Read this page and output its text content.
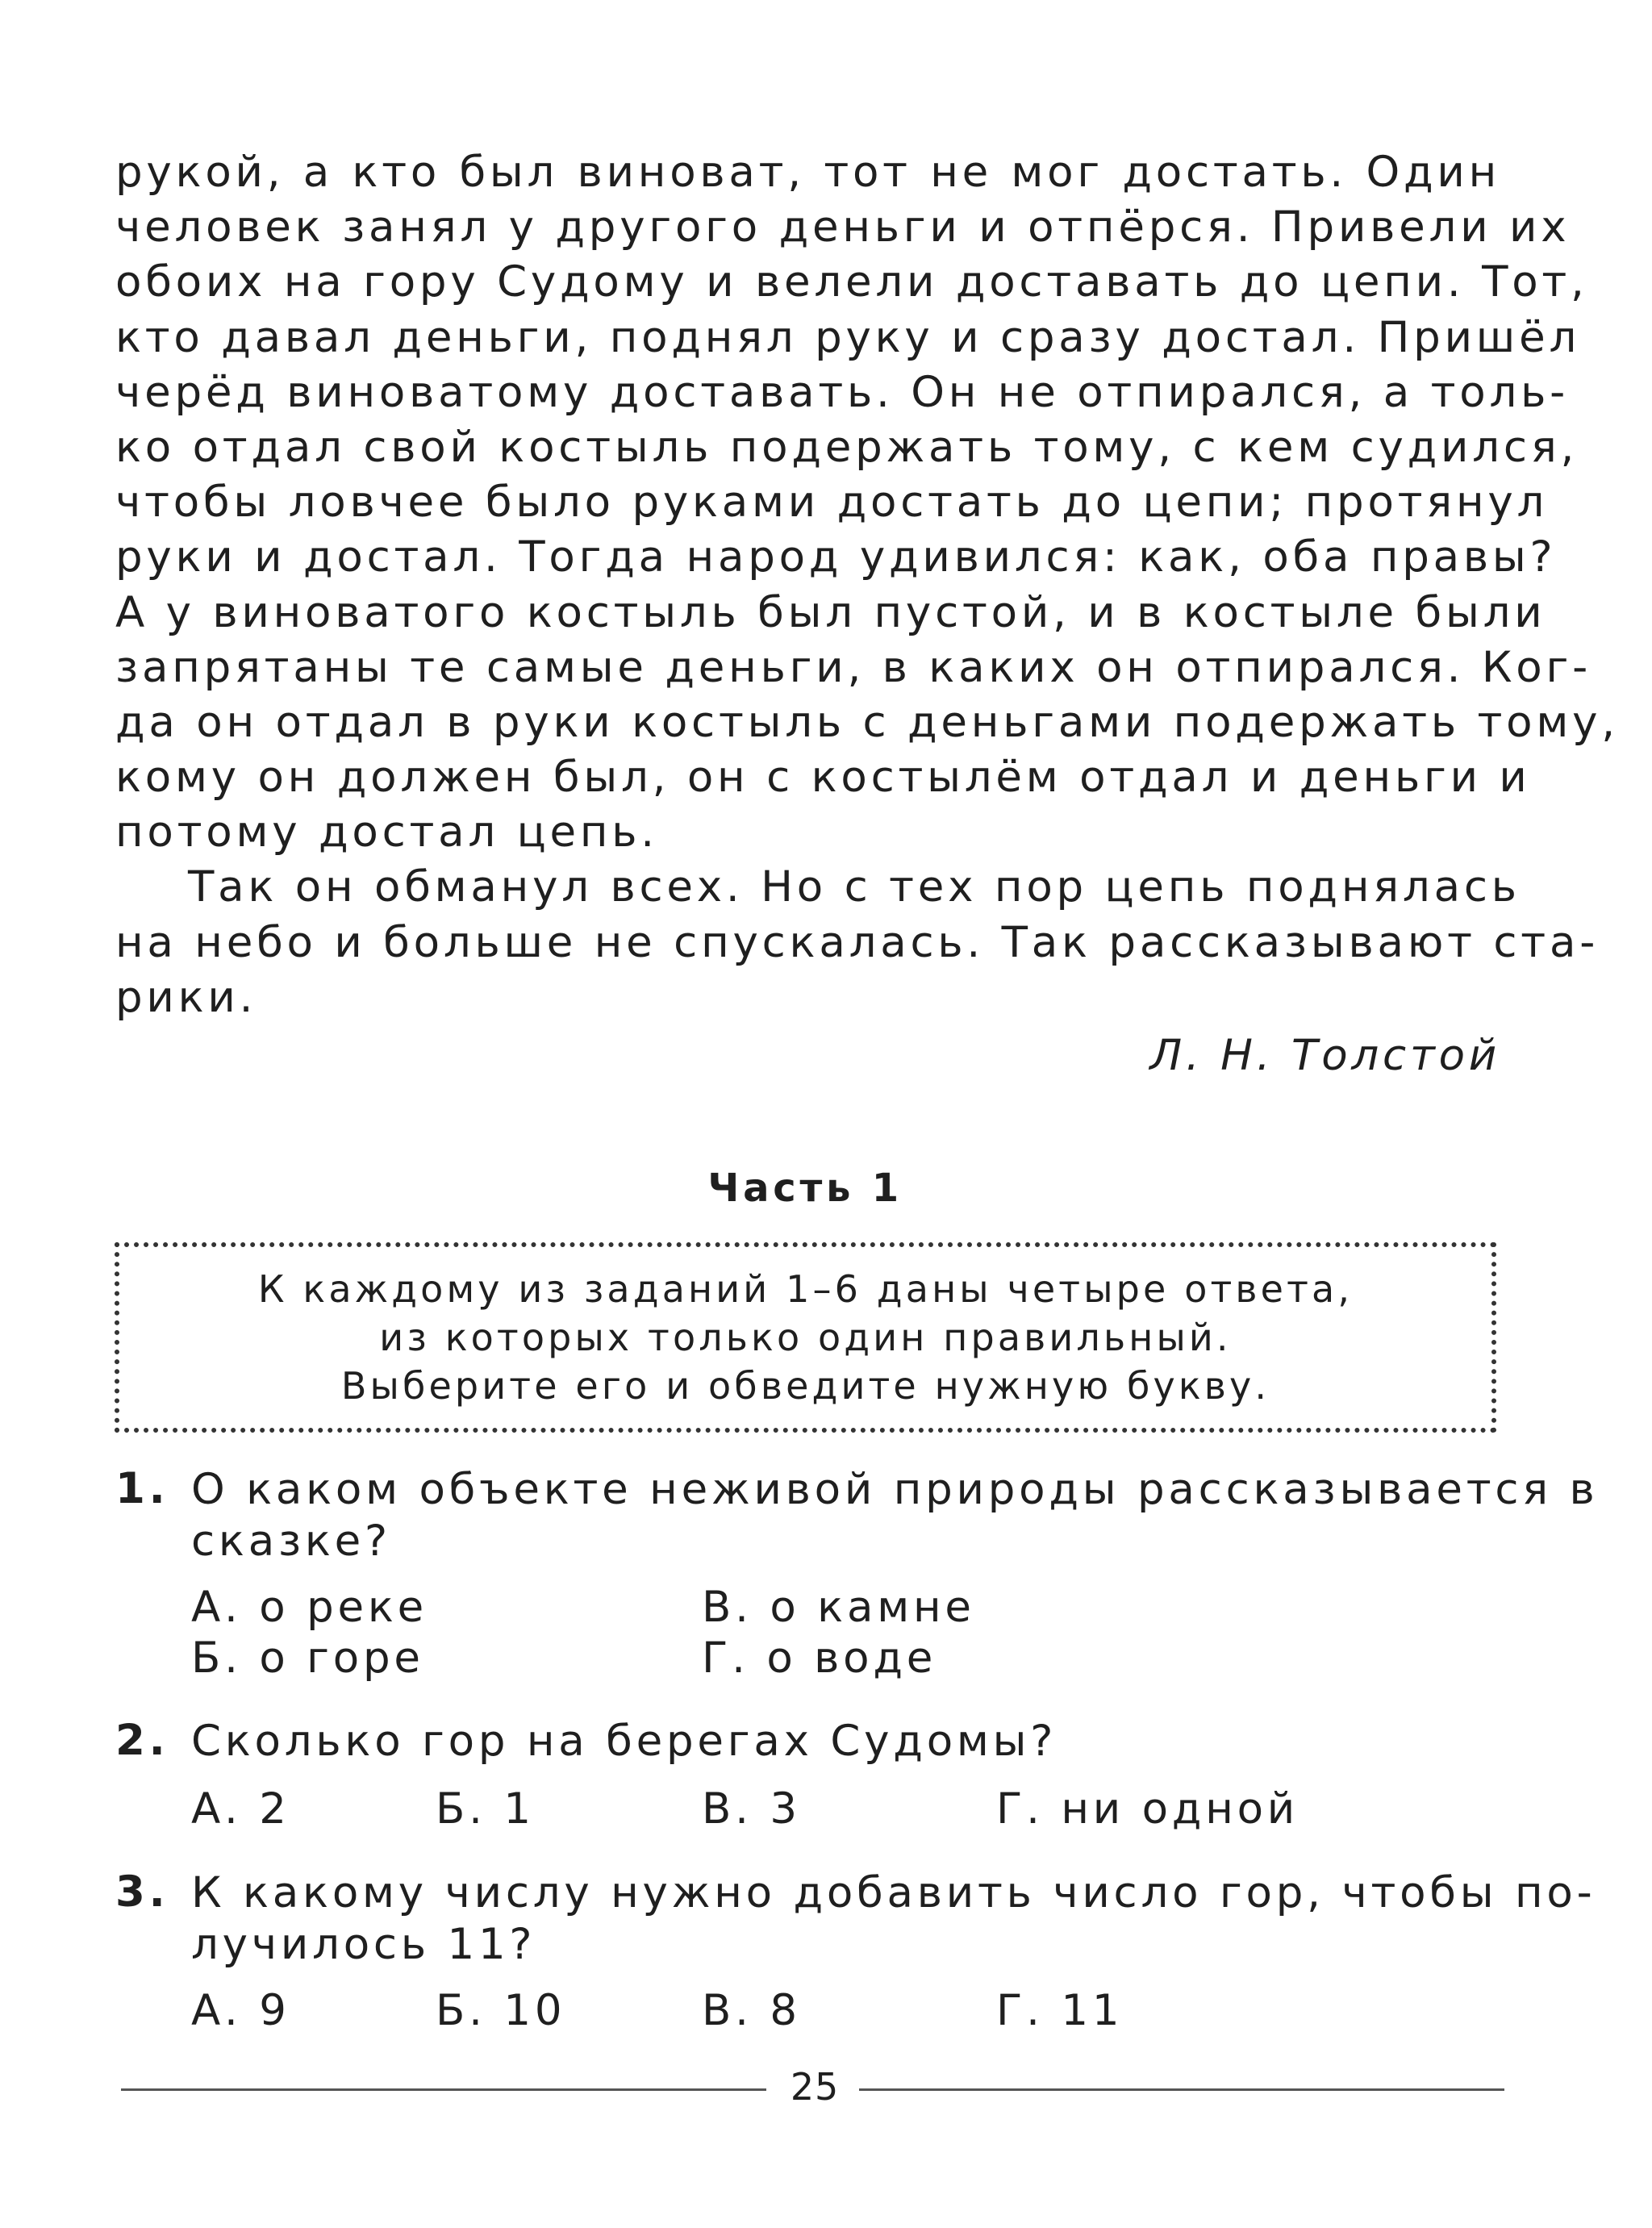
рукой, а кто был виноват, тот не мог достать. Один
человек занял у другого деньги и отпёрся. Привели их
обоих на гору Судому и велели доставать до цепи. Тот,
кто давал деньги, поднял руку и сразу достал. Пришёл
черёд виноватому доставать. Он не отпирался, а толь-
ко отдал свой костыль подержать тому, с кем судился,
чтобы ловчее было руками достать до цепи; протянул
руки и достал. Тогда народ удивился: как, оба правы?
А у виноватого костыль был пустой, и в костыле были
запрятаны те самые деньги, в каких он отпирался. Ког-
да он отдал в руки костыль с деньгами подержать тому,
кому он должен был, он с костылём отдал и деньги и
потому достал цепь.
Так он обманул всех. Но с тех пор цепь поднялась
на небо и больше не спускалась. Так рассказывают ста-
рики.
Л. Н. Толстой
Часть 1
К каждому из заданий 1–6 даны четыре ответа,
из которых только один правильный.
Выберите его и обведите нужную букву.
1. О каком объекте неживой природы рассказывается в
сказке?
А. о реке	В. о камне
Б. о горе	Г. о воде
2. Сколько гор на берегах Судомы?
А. 2	Б. 1	В. 3	Г. ни одной
3. К какому числу нужно добавить число гор, чтобы по-
лучилось 11?
А. 9	Б. 10	В. 8	Г. 11
25
